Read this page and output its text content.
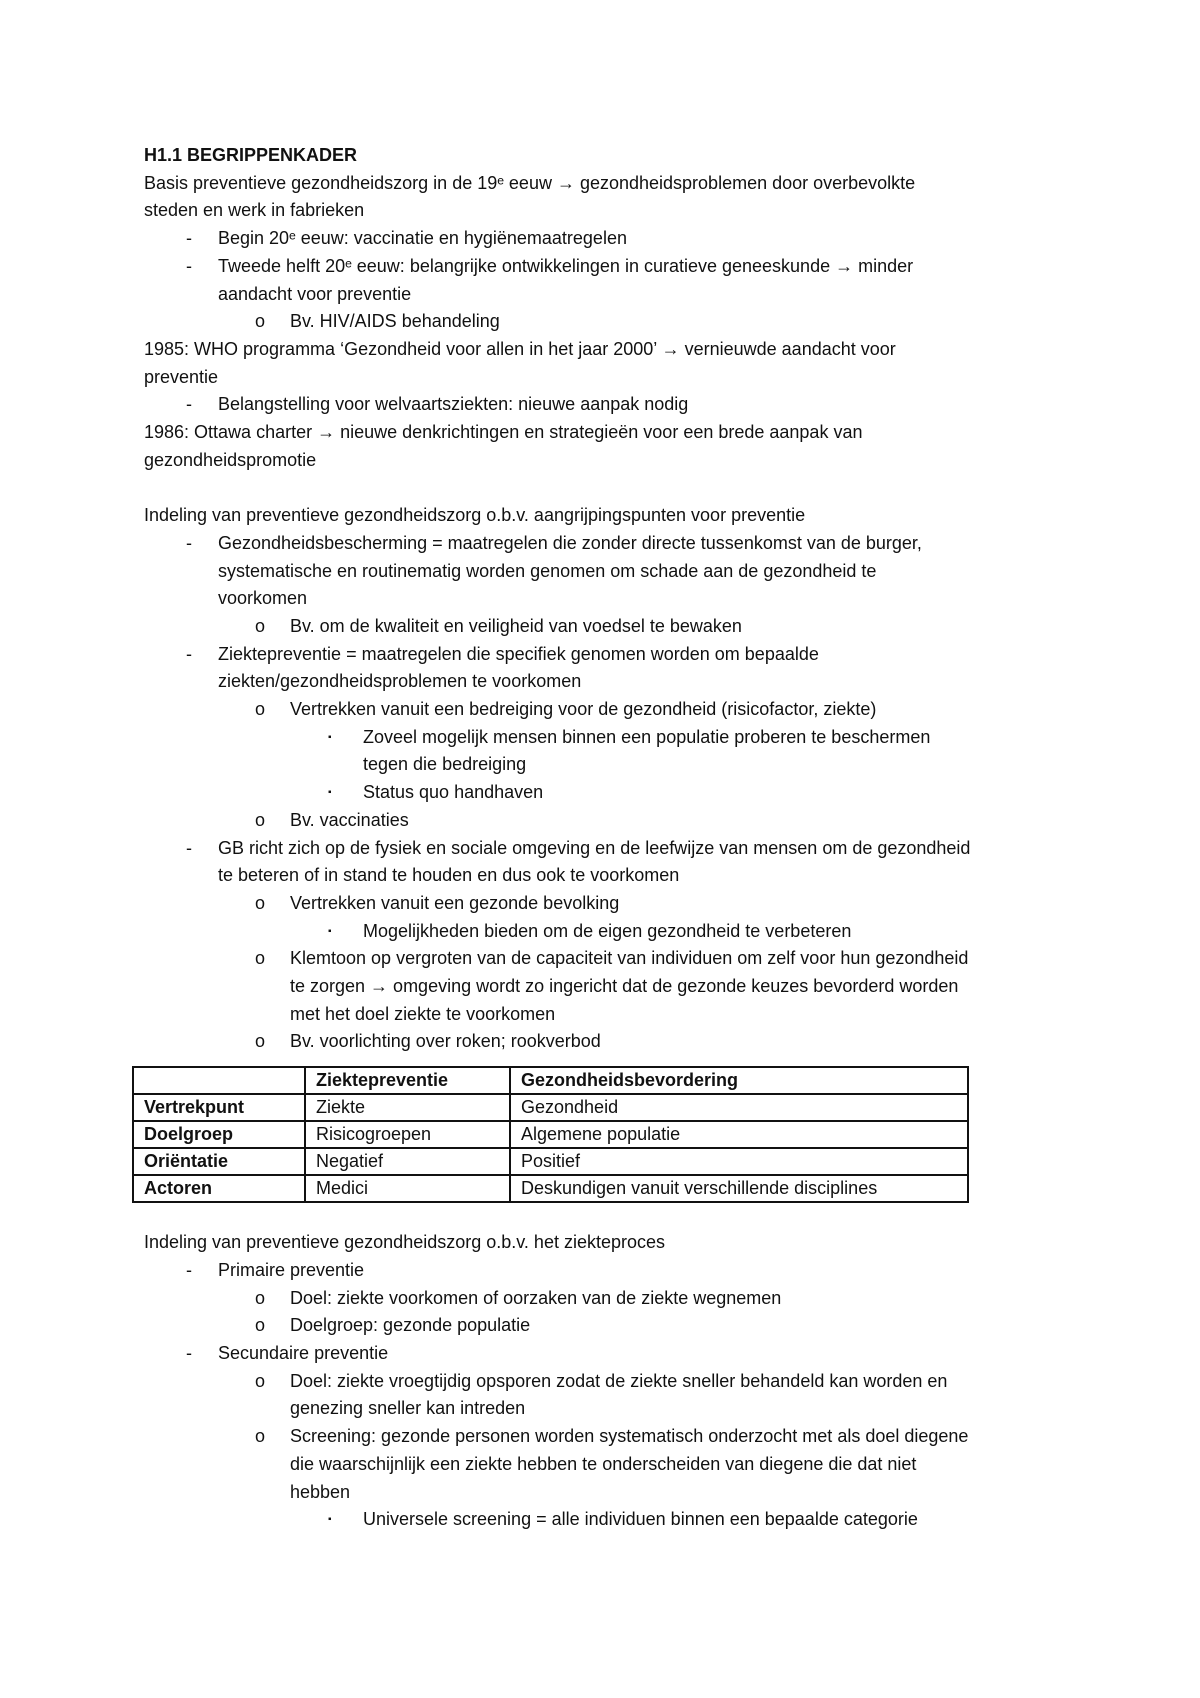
H1.1 BEGRIPPENKADER
Basis preventieve gezondheidszorg in de 19ᵉ eeuw → gezondheidsproblemen door overbevolkte
steden en werk in fabrieken
- Begin 20ᵉ eeuw: vaccinatie en hygiënemaatregelen
- Tweede helft 20ᵉ eeuw: belangrijke ontwikkelingen in curatieve geneeskunde → minder
aandacht voor preventie
o Bv. HIV/AIDS behandeling
1985: WHO programma ‘Gezondheid voor allen in het jaar 2000’ → vernieuwde aandacht voor
preventie
- Belangstelling voor welvaartsziekten: nieuwe aanpak nodig
1986: Ottawa charter → nieuwe denkrichtingen en strategieën voor een brede aanpak van
gezondheidspromotie
Indeling van preventieve gezondheidszorg o.b.v. aangrijpingspunten voor preventie
- Gezondheidsbescherming = maatregelen die zonder directe tussenkomst van de burger,
systematische en routinematig worden genomen om schade aan de gezondheid te
voorkomen
o Bv. om de kwaliteit en veiligheid van voedsel te bewaken
- Ziektepreventie = maatregelen die specifiek genomen worden om bepaalde
ziekten/gezondheidsproblemen te voorkomen
o Vertrekken vanuit een bedreiging voor de gezondheid (risicofactor, ziekte)
▪ Zoveel mogelijk mensen binnen een populatie proberen te beschermen
tegen die bedreiging
▪ Status quo handhaven
o Bv. vaccinaties
- GB richt zich op de fysiek en sociale omgeving en de leefwijze van mensen om de gezondheid
te beteren of in stand te houden en dus ook te voorkomen
o Vertrekken vanuit een gezonde bevolking
▪ Mogelijkheden bieden om de eigen gezondheid te verbeteren
o Klemtoon op vergroten van de capaciteit van individuen om zelf voor hun gezondheid
te zorgen → omgeving wordt zo ingericht dat de gezonde keuzes bevorderd worden
met het doel ziekte te voorkomen
o Bv. voorlichting over roken; rookverbod
	Ziektepreventie	Gezondheidsbevordering
Vertrekpunt	Ziekte	Gezondheid
Doelgroep	Risicogroepen	Algemene populatie
Oriëntatie	Negatief	Positief
Actoren	Medici	Deskundigen vanuit verschillende disciplines
Indeling van preventieve gezondheidszorg o.b.v. het ziekteproces
- Primaire preventie
o Doel: ziekte voorkomen of oorzaken van de ziekte wegnemen
o Doelgroep: gezonde populatie
- Secundaire preventie
o Doel: ziekte vroegtijdig opsporen zodat de ziekte sneller behandeld kan worden en
genezing sneller kan intreden
o Screening: gezonde personen worden systematisch onderzocht met als doel diegene
die waarschijnlijk een ziekte hebben te onderscheiden van diegene die dat niet
hebben
▪ Universele screening = alle individuen binnen een bepaalde categorie
